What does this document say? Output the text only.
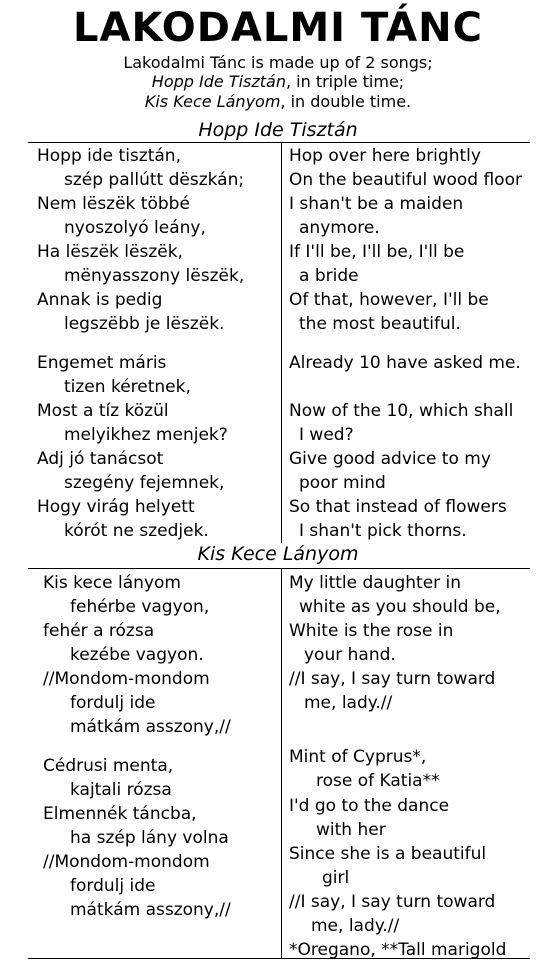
LAKODALMI TÁNC
Lakodalmi Tánc is made up of 2 songs;
Hopp Ide Tisztán, in triple time;
Kis Kece Lányom, in double time.
Hopp Ide Tisztán
Hopp ide tisztán,
szép pallútt dëszkán;
Nem lëszëk többé
nyoszolyó lеány,
Ha lëszëk lëszëk,
mënyasszony lëszëk,
Annak is pedig
legszëbb je lëszëk.
Engemet máris
tizen kéretnek,
Most a tíz közül
melyikhez menjek?
Adj jó tanácsot
szegény fejemnek,
Hogy virág helyett
kórót ne szedjek.
Hop over here brightly
On the beautiful wood floor
I shan't be a maiden
anymore.
If I'll be, I'll be, I'll be
a bride
Of that, however, I'll be
the most beautiful.
Already 10 have asked me.
Now of the 10, which shall
I wed?
Give good advice to my
poor mind
So that instead of flowers
I shan't pick thorns.
Kis Kece Lányom
Kis kece lányom
fehérbe vagyon,
fehér a rózsa
kezébe vagyon.
//Mondom-mondom
fordulj ide
mátkám asszony,//
Cédrusi menta,
kajtali rózsa
Elmennék táncba,
ha szép lány volna
//Mondom-mondom
fordulj ide
mátkám asszony,//
My little daughter in
white as you should be,
White is the rose in
your hand.
//I say, I say turn toward
me, lady.//
Mint of Cyprus*,
rose of Katia**
I'd go to the dance
with her
Since she is a beautiful
girl
//I say, I say turn toward
me, lady.//
*Oregano, **Tall marigold
